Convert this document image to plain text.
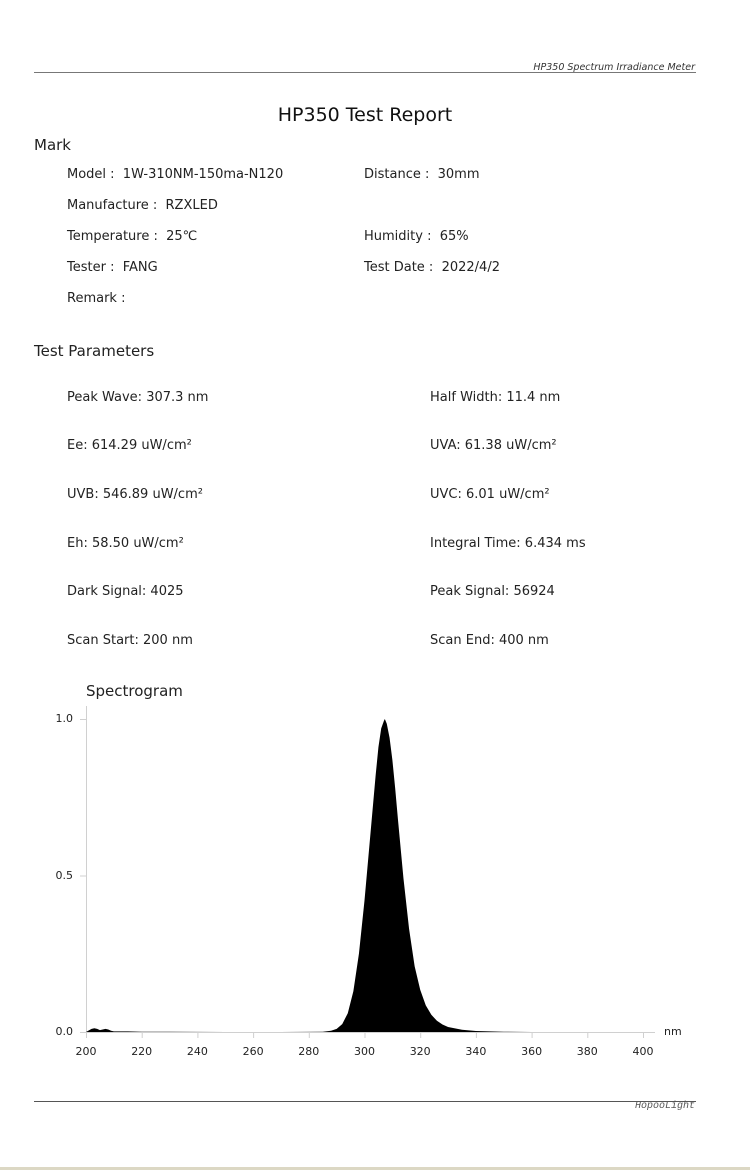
HP350 Spectrum Irradiance Meter
HP350 Test Report
Mark
Model :  1W-310NM-150ma-N120	Distance :  30mm
Manufacture :  RZXLED
Temperature :  25℃	Humidity :  65%
Tester :  FANG	Test Date :  2022/4/2
Remark :
Test Parameters
Peak Wave: 307.3 nm	Half Width: 11.4 nm
Ee: 614.29 uW/cm²	UVA: 61.38 uW/cm²
UVB: 546.89 uW/cm²	UVC: 6.01 uW/cm²
Eh: 58.50 uW/cm²	Integral Time: 6.434 ms
Dark Signal: 4025	Peak Signal: 56924
Scan Start: 200 nm	Scan End: 400 nm
Spectrogram
200	220	240	260	280	300	320	340	360	380	400
0.0
0.5
1.0
nm
HopooLight
